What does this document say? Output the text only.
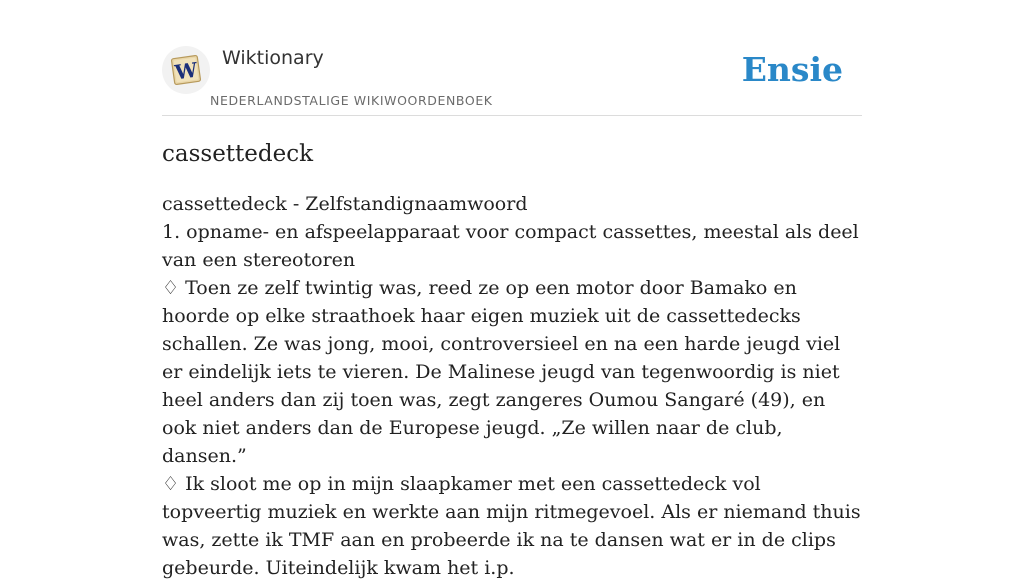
W Wiktionary
NEDERLANDSTALIGE WIKIWOORDENBOEK
Ensie
cassettedeck

cassettedeck - Zelfstandignaamwoord

1. opname- en afspeelapparaat voor compact cassettes, meestal als deel van een stereotoren

♢ Toen ze zelf twintig was, reed ze op een motor door Bamako en hoorde op elke straathoek haar eigen muziek uit de cassettedecks schallen. Ze was jong, mooi, controversieel en na een harde jeugd viel er eindelijk iets te vieren. De Malinese jeugd van tegenwoordig is niet heel anders dan zij toen was, zegt zangeres Oumou Sangaré (49), en ook niet anders dan de Europese jeugd. „Ze willen naar de club, dansen.”

♢ Ik sloot me op in mijn slaapkamer met een cassettedeck vol topveertig muziek en werkte aan mijn ritmegevoel. Als er niemand thuis was, zette ik TMF aan en probeerde ik na te dansen wat er in de clips gebeurde. Uiteindelijk kwam het i.p.
